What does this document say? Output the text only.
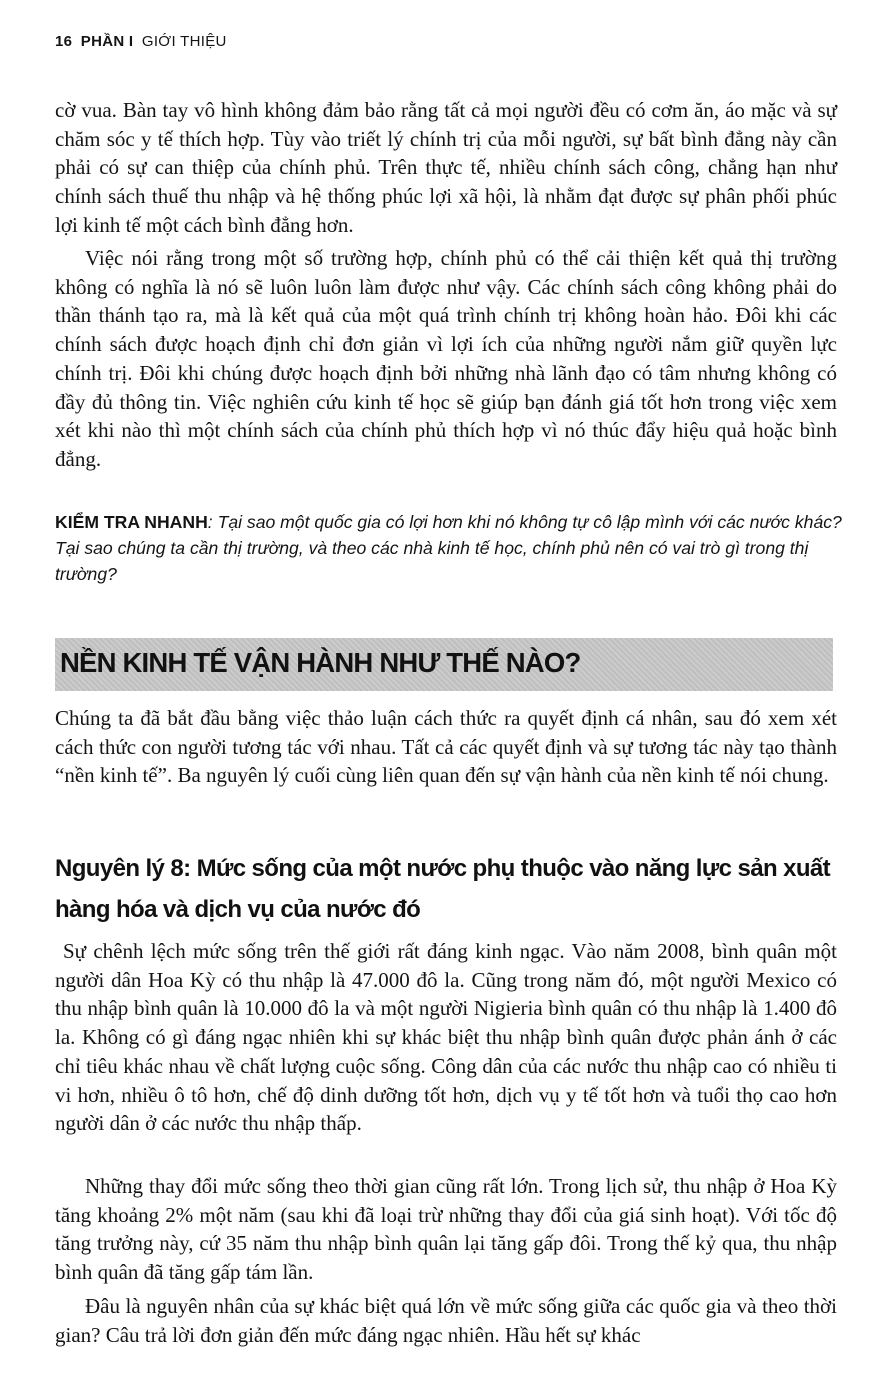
16 PHẦN I GIỚI THIỆU

cờ vua. Bàn tay vô hình không đảm bảo rằng tất cả mọi người đều có cơm ăn, áo mặc và sự chăm sóc y tế thích hợp. Tùy vào triết lý chính trị của mỗi người, sự bất bình đẳng này cần phải có sự can thiệp của chính phủ. Trên thực tế, nhiều chính sách công, chẳng hạn như chính sách thuế thu nhập và hệ thống phúc lợi xã hội, là nhằm đạt được sự phân phối phúc lợi kinh tế một cách bình đẳng hơn.

Việc nói rằng trong một số trường hợp, chính phủ có thể cải thiện kết quả thị trường không có nghĩa là nó sẽ luôn luôn làm được như vậy. Các chính sách công không phải do thần thánh tạo ra, mà là kết quả của một quá trình chính trị không hoàn hảo. Đôi khi các chính sách được hoạch định chỉ đơn giản vì lợi ích của những người nắm giữ quyền lực chính trị. Đôi khi chúng được hoạch định bởi những nhà lãnh đạo có tâm nhưng không có đầy đủ thông tin. Việc nghiên cứu kinh tế học sẽ giúp bạn đánh giá tốt hơn trong việc xem xét khi nào thì một chính sách của chính phủ thích hợp vì nó thúc đẩy hiệu quả hoặc bình đẳng.

KIỂM TRA NHANH: Tại sao một quốc gia có lợi hơn khi nó không tự cô lập mình với các nước khác? Tại sao chúng ta cần thị trường, và theo các nhà kinh tế học, chính phủ nên có vai trò gì trong thị trường?

NỀN KINH TẾ VẬN HÀNH NHƯ THẾ NÀO?

Chúng ta đã bắt đầu bằng việc thảo luận cách thức ra quyết định cá nhân, sau đó xem xét cách thức con người tương tác với nhau. Tất cả các quyết định và sự tương tác này tạo thành “nền kinh tế”. Ba nguyên lý cuối cùng liên quan đến sự vận hành của nền kinh tế nói chung.

Nguyên lý 8: Mức sống của một nước phụ thuộc vào năng lực sản xuất hàng hóa và dịch vụ của nước đó

Sự chênh lệch mức sống trên thế giới rất đáng kinh ngạc. Vào năm 2008, bình quân một người dân Hoa Kỳ có thu nhập là 47.000 đô la. Cũng trong năm đó, một người Mexico có thu nhập bình quân là 10.000 đô la và một người Nigieria bình quân có thu nhập là 1.400 đô la. Không có gì đáng ngạc nhiên khi sự khác biệt thu nhập bình quân được phản ánh ở các chỉ tiêu khác nhau về chất lượng cuộc sống. Công dân của các nước thu nhập cao có nhiều ti vi hơn, nhiều ô tô hơn, chế độ dinh dưỡng tốt hơn, dịch vụ y tế tốt hơn và tuổi thọ cao hơn người dân ở các nước thu nhập thấp.

Những thay đổi mức sống theo thời gian cũng rất lớn. Trong lịch sử, thu nhập ở Hoa Kỳ tăng khoảng 2% một năm (sau khi đã loại trừ những thay đổi của giá sinh hoạt). Với tốc độ tăng trưởng này, cứ 35 năm thu nhập bình quân lại tăng gấp đôi. Trong thế kỷ qua, thu nhập bình quân đã tăng gấp tám lần.

Đâu là nguyên nhân của sự khác biệt quá lớn về mức sống giữa các quốc gia và theo thời gian? Câu trả lời đơn giản đến mức đáng ngạc nhiên. Hầu hết sự khác
